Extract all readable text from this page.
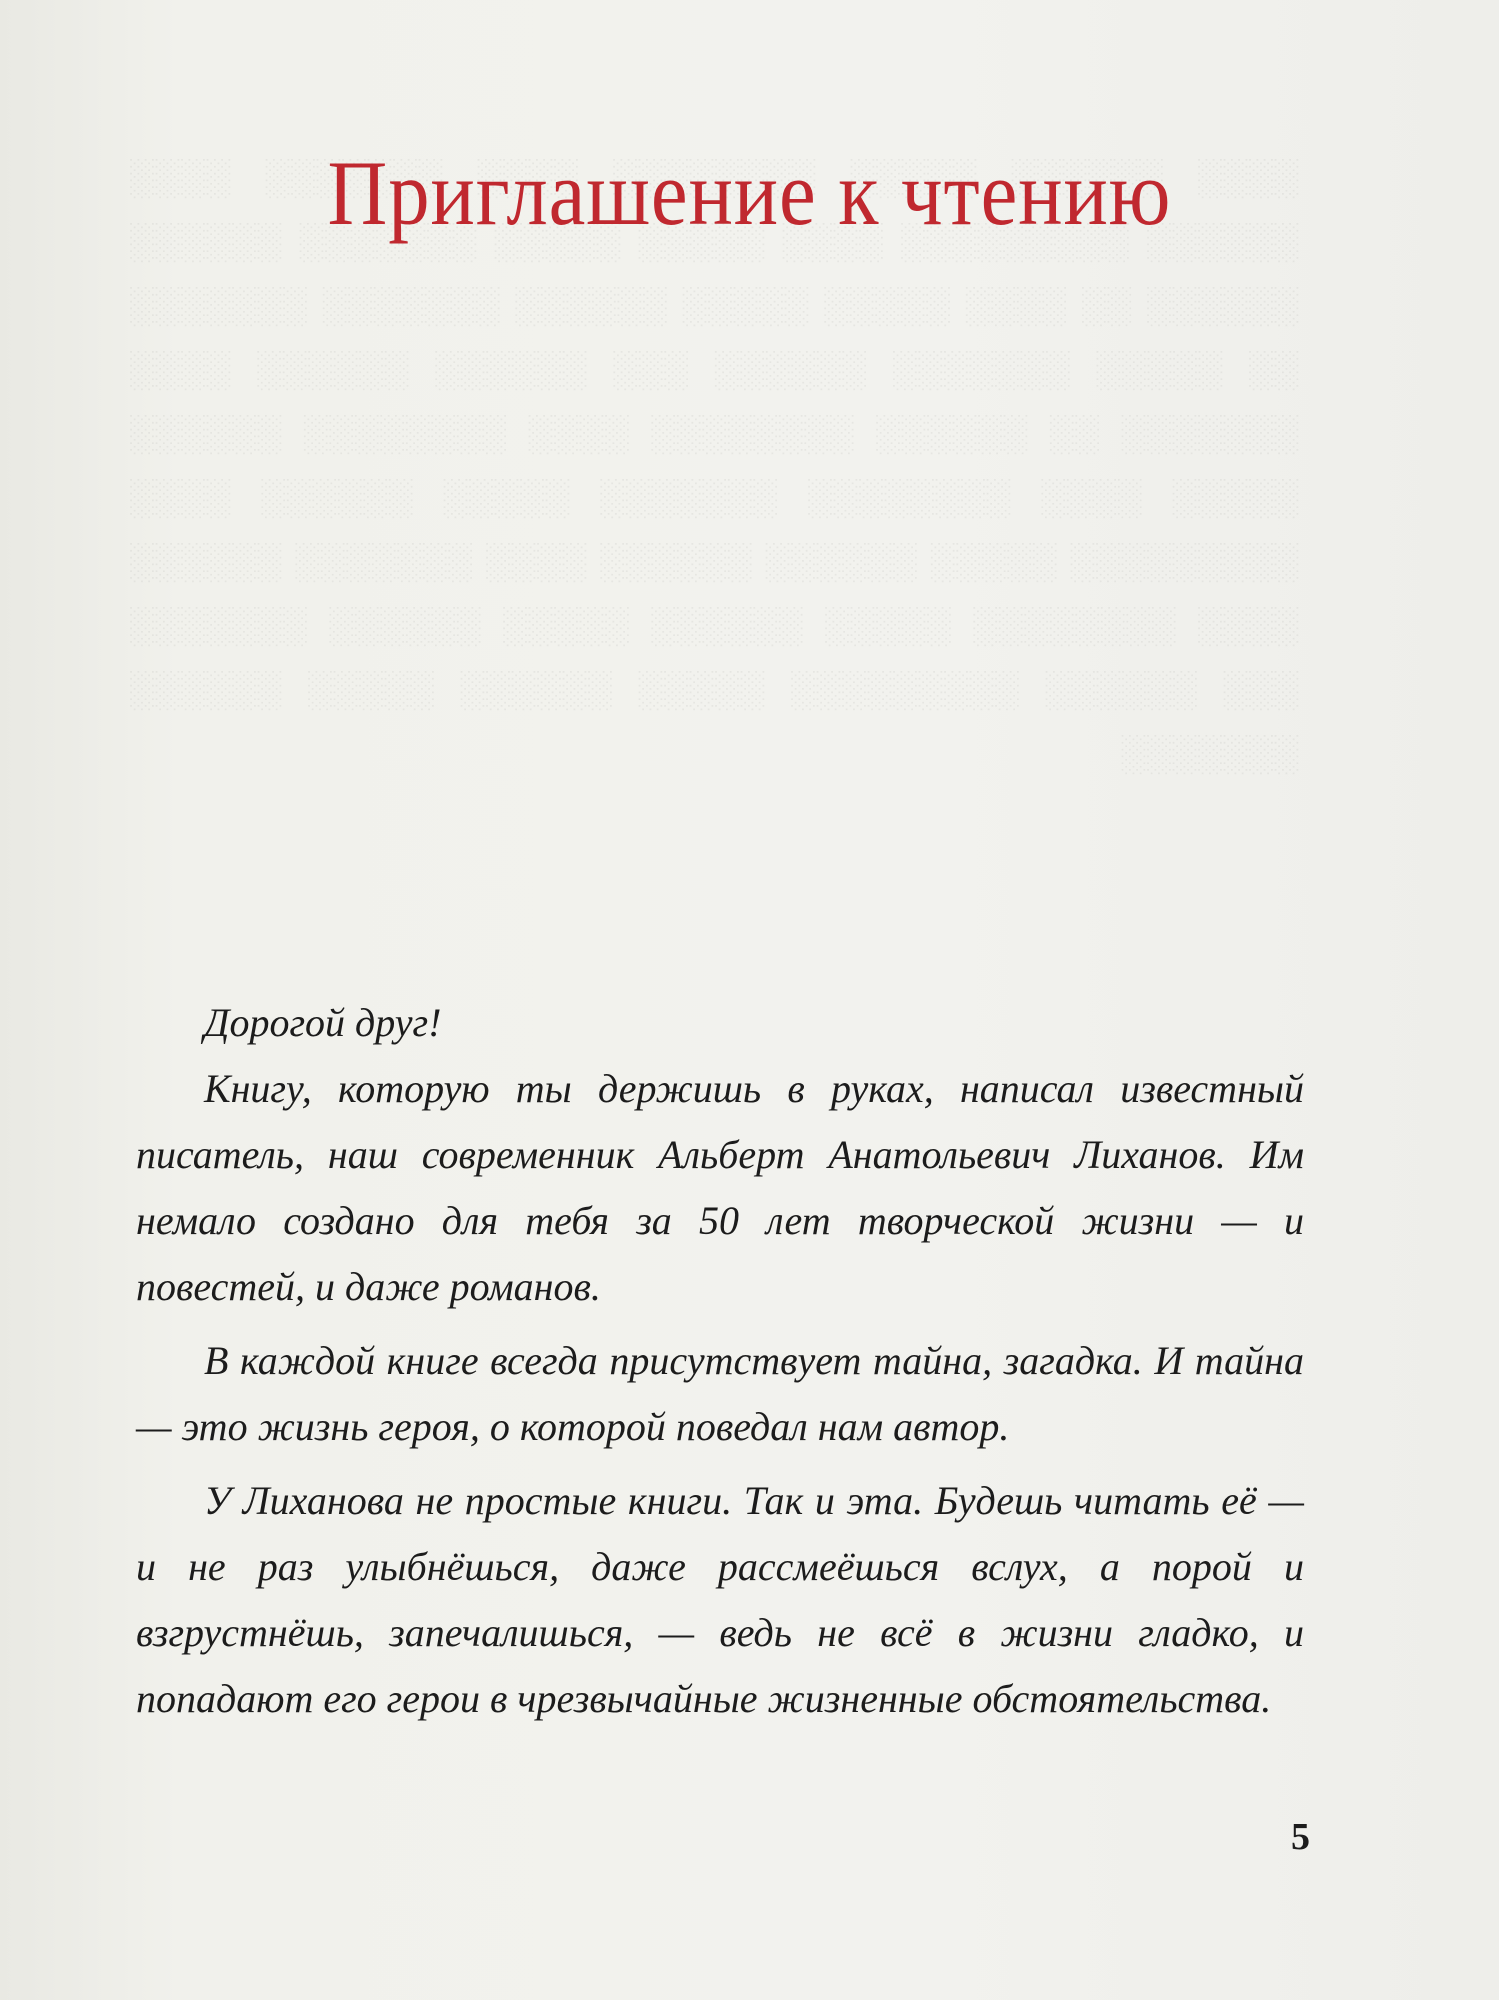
Приглашение к чтению

Дорогой друг!

Книгу, которую ты держишь в руках, написал известный писатель, наш современник Альберт Анатольевич Лиханов. Им немало создано для тебя за 50 лет творческой жизни — и повестей, и даже романов.

В каждой книге всегда присутствует тайна, загадка. И тайна — это жизнь героя, о которой поведал нам автор.

У Лиханова не простые книги. Так и эта. Будешь читать её — и не раз улыбнёшься, даже рассмеёшься вслух, а порой и взгрустнёшь, запечалишься, — ведь не всё в жизни гладко, и попадают его герои в чрезвычайные жизненные обстоятельства.

5
